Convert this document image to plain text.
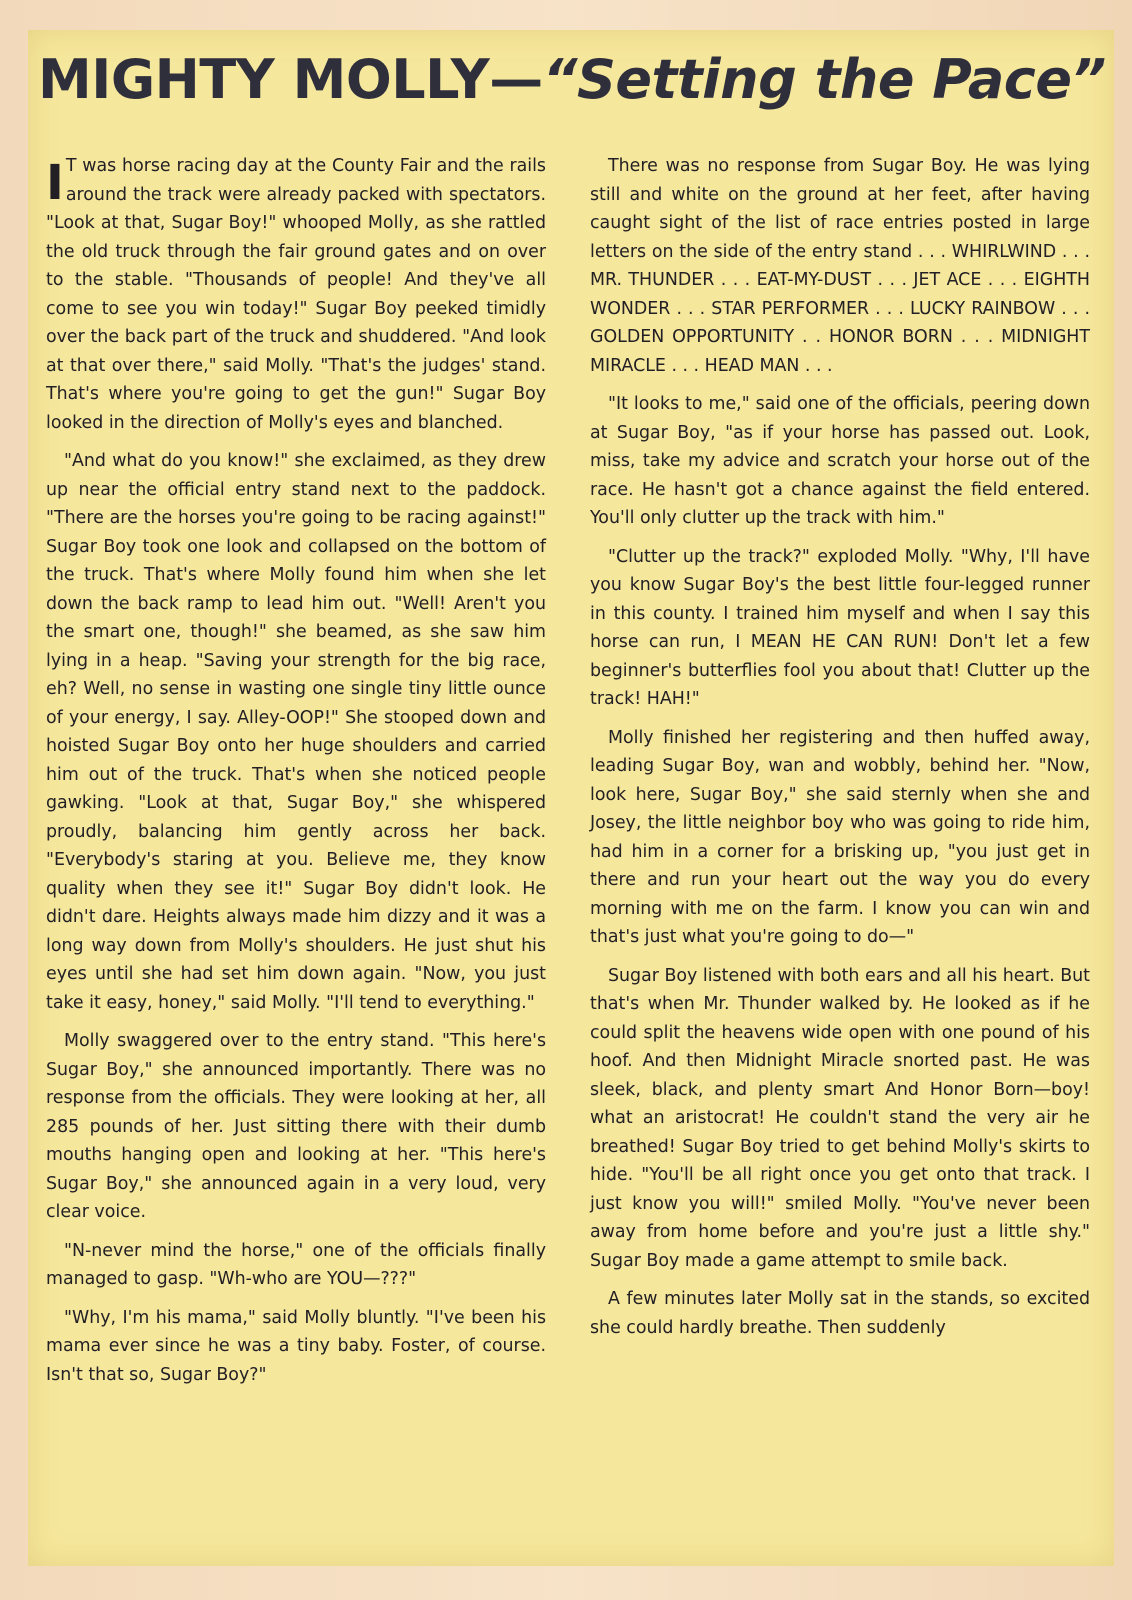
MIGHTY MOLLY—“Setting the Pace”

I T was horse racing day at the County Fair and the rails around the track were already packed with spectators. "Look at that, Sugar Boy!" whooped Molly, as she rattled the old truck through the fair ground gates and on over to the stable. "Thousands of people! And they've all come to see you win today!" Sugar Boy peeked timidly over the back part of the truck and shuddered. "And look at that over there," said Molly. "That's the judges' stand. That's where you're going to get the gun!" Sugar Boy looked in the direction of Molly's eyes and blanched.

"And what do you know!" she exclaimed, as they drew up near the official entry stand next to the paddock. "There are the horses you're going to be racing against!" Sugar Boy took one look and collapsed on the bottom of the truck. That's where Molly found him when she let down the back ramp to lead him out. "Well! Aren't you the smart one, though!" she beamed, as she saw him lying in a heap. "Saving your strength for the big race, eh? Well, no sense in wasting one single tiny little ounce of your energy, I say. Alley-OOP!" She stooped down and hoisted Sugar Boy onto her huge shoulders and carried him out of the truck. That's when she noticed people gawking. "Look at that, Sugar Boy," she whispered proudly, balancing him gently across her back. "Everybody's staring at you. Believe me, they know quality when they see it!" Sugar Boy didn't look. He didn't dare. Heights always made him dizzy and it was a long way down from Molly's shoulders. He just shut his eyes until she had set him down again. "Now, you just take it easy, honey," said Molly. "I'll tend to everything."

Molly swaggered over to the entry stand. "This here's Sugar Boy," she announced importantly. There was no response from the officials. They were looking at her, all 285 pounds of her. Just sitting there with their dumb mouths hanging open and looking at her. "This here's Sugar Boy," she announced again in a very loud, very clear voice.

"N-never mind the horse," one of the officials finally managed to gasp. "Wh-who are YOU—???"

"Why, I'm his mama," said Molly bluntly. "I've been his mama ever since he was a tiny baby. Foster, of course. Isn't that so, Sugar Boy?"

There was no response from Sugar Boy. He was lying still and white on the ground at her feet, after having caught sight of the list of race entries posted in large letters on the side of the entry stand . . . WHIRLWIND . . . MR. THUNDER . . . EAT-MY-DUST . . . JET ACE . . . EIGHTH WONDER . . . STAR PERFORMER . . . LUCKY RAINBOW . . . GOLDEN OPPORTUNITY . . HONOR BORN . . . MIDNIGHT MIRACLE . . . HEAD MAN . . .

"It looks to me," said one of the officials, peering down at Sugar Boy, "as if your horse has passed out. Look, miss, take my advice and scratch your horse out of the race. He hasn't got a chance against the field entered. You'll only clutter up the track with him."

"Clutter up the track?" exploded Molly. "Why, I'll have you know Sugar Boy's the best little four-legged runner in this county. I trained him myself and when I say this horse can run, I MEAN HE CAN RUN! Don't let a few beginner's butterflies fool you about that! Clutter up the track! HAH!"

Molly finished her registering and then huffed away, leading Sugar Boy, wan and wobbly, behind her. "Now, look here, Sugar Boy," she said sternly when she and Josey, the little neighbor boy who was going to ride him, had him in a corner for a brisking up, "you just get in there and run your heart out the way you do every morning with me on the farm. I know you can win and that's just what you're going to do—"

Sugar Boy listened with both ears and all his heart. But that's when Mr. Thunder walked by. He looked as if he could split the heavens wide open with one pound of his hoof. And then Midnight Miracle snorted past. He was sleek, black, and plenty smart And Honor Born—boy! what an aristocrat! He couldn't stand the very air he breathed! Sugar Boy tried to get behind Molly's skirts to hide. "You'll be all right once you get onto that track. I just know you will!" smiled Molly. "You've never been away from home before and you're just a little shy." Sugar Boy made a game attempt to smile back.

A few minutes later Molly sat in the stands, so excited she could hardly breathe. Then suddenly
